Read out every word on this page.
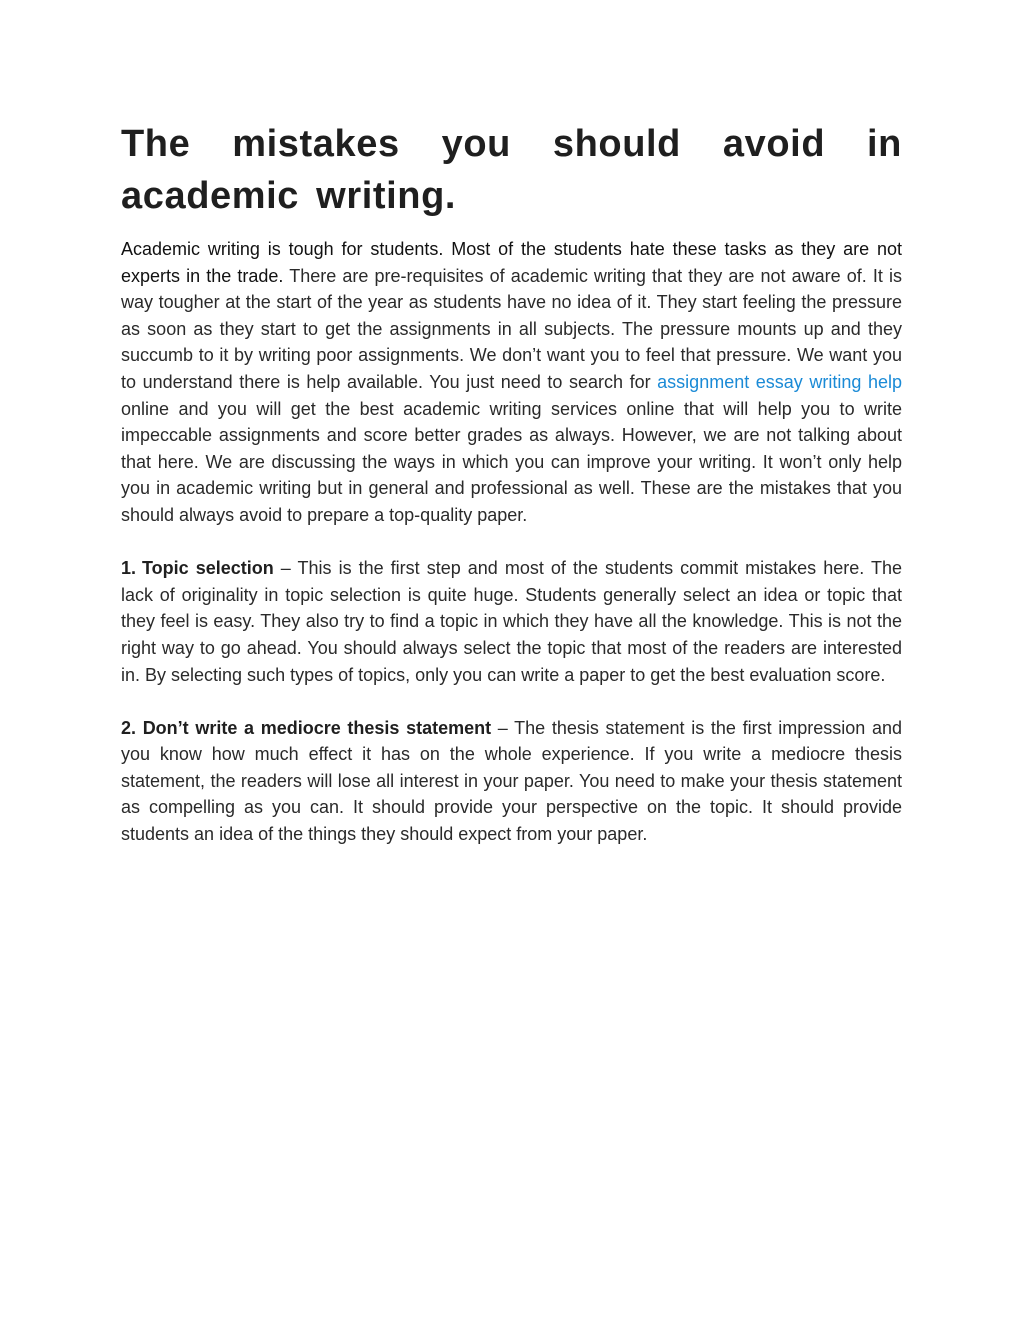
The mistakes you should avoid in academic writing.

Academic writing is tough for students. Most of the students hate these tasks as they are not experts in the trade. There are pre-requisites of academic writing that they are not aware of. It is way tougher at the start of the year as students have no idea of it. They start feeling the pressure as soon as they start to get the assignments in all subjects. The pressure mounts up and they succumb to it by writing poor assignments. We don’t want you to feel that pressure. We want you to understand there is help available. You just need to search for assignment essay writing help online and you will get the best academic writing services online that will help you to write impeccable assignments and score better grades as always. However, we are not talking about that here. We are discussing the ways in which you can improve your writing. It won’t only help you in academic writing but in general and professional as well. These are the mistakes that you should always avoid to prepare a top-quality paper.

1. Topic selection – This is the first step and most of the students commit mistakes here. The lack of originality in topic selection is quite huge. Students generally select an idea or topic that they feel is easy. They also try to find a topic in which they have all the knowledge. This is not the right way to go ahead. You should always select the topic that most of the readers are interested in. By selecting such types of topics, only you can write a paper to get the best evaluation score.

2. Don’t write a mediocre thesis statement – The thesis statement is the first impression and you know how much effect it has on the whole experience. If you write a mediocre thesis statement, the readers will lose all interest in your paper. You need to make your thesis statement as compelling as you can. It should provide your perspective on the topic. It should provide students an idea of the things they should expect from your paper.
